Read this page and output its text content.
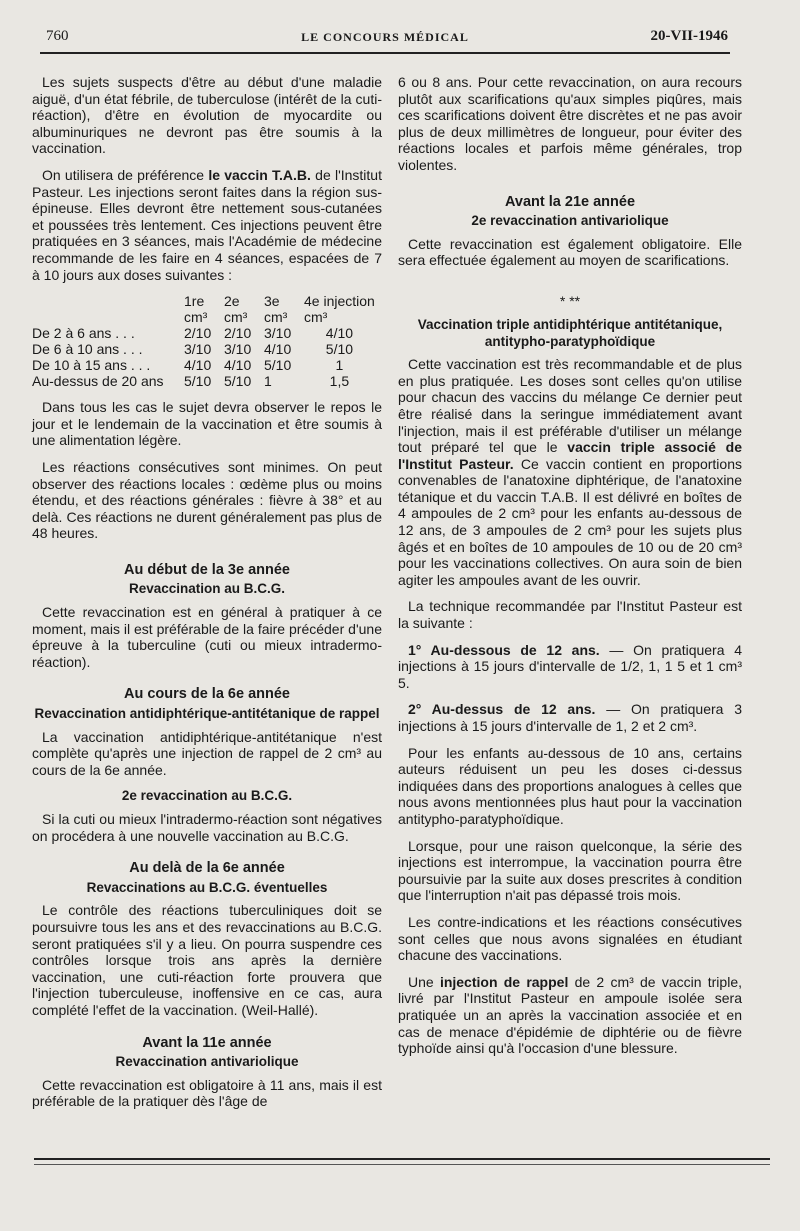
760	LE CONCOURS MÉDICAL	20-VII-1946

Les sujets suspects d'être au début d'une maladie aiguë, d'un état fébrile, de tuberculose (intérêt de la cuti-réaction), d'être en évolution de myocardite ou albuminuriques ne devront pas être soumis à la vaccination.

On utilisera de préférence le vaccin T.A.B. de l'Institut Pasteur. Les injections seront faites dans la région sus-épineuse. Elles devront être nettement sous-cutanées et poussées très lentement. Ces injections peuvent être pratiquées en 3 séances, mais l'Académie de médecine recommande de les faire en 4 séances, espacées de 7 à 10 jours aux doses suivantes :

	1re	2e	3e	4e injection
	cm³	cm³	cm³	cm³
De 2 à 6 ans . . .	2/10	2/10	3/10	4/10
De 6 à 10 ans . . .	3/10	3/10	4/10	5/10
De 10 à 15 ans . . .	4/10	4/10	5/10	1
Au-dessus de 20 ans	5/10	5/10	1	1,5

Dans tous les cas le sujet devra observer le repos le jour et le lendemain de la vaccination et être soumis à une alimentation légère.

Les réactions consécutives sont minimes. On peut observer des réactions locales : œdème plus ou moins étendu, et des réactions générales : fièvre à 38° et au delà. Ces réactions ne durent généralement pas plus de 48 heures.

Au début de la 3e année
Revaccination au B.C.G.

Cette revaccination est en général à pratiquer à ce moment, mais il est préférable de la faire précéder d'une épreuve à la tuberculine (cuti ou mieux intradermo-réaction).

Au cours de la 6e année
Revaccination antidiphtérique-antitétanique de rappel

La vaccination antidiphtérique-antitétanique n'est complète qu'après une injection de rappel de 2 cm³ au cours de la 6e année.

2e revaccination au B.C.G.

Si la cuti ou mieux l'intradermo-réaction sont négatives on procédera à une nouvelle vaccination au B.C.G.

Au delà de la 6e année
Revaccinations au B.C.G. éventuelles

Le contrôle des réactions tuberculiniques doit se poursuivre tous les ans et des revaccinations au B.C.G. seront pratiquées s'il y a lieu. On pourra suspendre ces contrôles lorsque trois ans après la dernière vaccination, une cuti-réaction forte prouvera que l'injection tuberculeuse, inoffensive en ce cas, aura complété l'effet de la vaccination. (Weil-Hallé).

Avant la 11e année
Revaccination antivariolique

Cette revaccination est obligatoire à 11 ans, mais il est préférable de la pratiquer dès l'âge de

6 ou 8 ans. Pour cette revaccination, on aura recours plutôt aux scarifications qu'aux simples piqûres, mais ces scarifications doivent être discrètes et ne pas avoir plus de deux millimètres de longueur, pour éviter des réactions locales et parfois même générales, trop violentes.

Avant la 21e année
2e revaccination antivariolique

Cette revaccination est également obligatoire. Elle sera effectuée également au moyen de scarifications.

* **
Vaccination triple antidiphtérique antitétanique, antitypho-paratyphoïdique

Cette vaccination est très recommandable et de plus en plus pratiquée. Les doses sont celles qu'on utilise pour chacun des vaccins du mélange Ce dernier peut être réalisé dans la seringue immédiatement avant l'injection, mais il est préférable d'utiliser un mélange tout préparé tel que le vaccin triple associé de l'Institut Pasteur. Ce vaccin contient en proportions convenables de l'anatoxine diphtérique, de l'anatoxine tétanique et du vaccin T.A.B. Il est délivré en boîtes de 4 ampoules de 2 cm³ pour les enfants au-dessous de 12 ans, de 3 ampoules de 2 cm³ pour les sujets plus âgés et en boîtes de 10 ampoules de 10 ou de 20 cm³ pour les vaccinations collectives. On aura soin de bien agiter les ampoules avant de les ouvrir.

La technique recommandée par l'Institut Pasteur est la suivante :

1° Au-dessous de 12 ans. — On pratiquera 4 injections à 15 jours d'intervalle de 1/2, 1, 1 5 et 1 cm³ 5.

2° Au-dessus de 12 ans. — On pratiquera 3 injections à 15 jours d'intervalle de 1, 2 et 2 cm³.

Pour les enfants au-dessous de 10 ans, certains auteurs réduisent un peu les doses ci-dessus indiquées dans des proportions analogues à celles que nous avons mentionnées plus haut pour la vaccination antitypho-paratyphoïdique.

Lorsque, pour une raison quelconque, la série des injections est interrompue, la vaccination pourra être poursuivie par la suite aux doses prescrites à condition que l'interruption n'ait pas dépassé trois mois.

Les contre-indications et les réactions consécutives sont celles que nous avons signalées en étudiant chacune des vaccinations.

Une injection de rappel de 2 cm³ de vaccin triple, livré par l'Institut Pasteur en ampoule isolée sera pratiquée un an après la vaccination associée et en cas de menace d'épidémie de diphtérie ou de fièvre typhoïde ainsi qu'à l'occasion d'une blessure.
